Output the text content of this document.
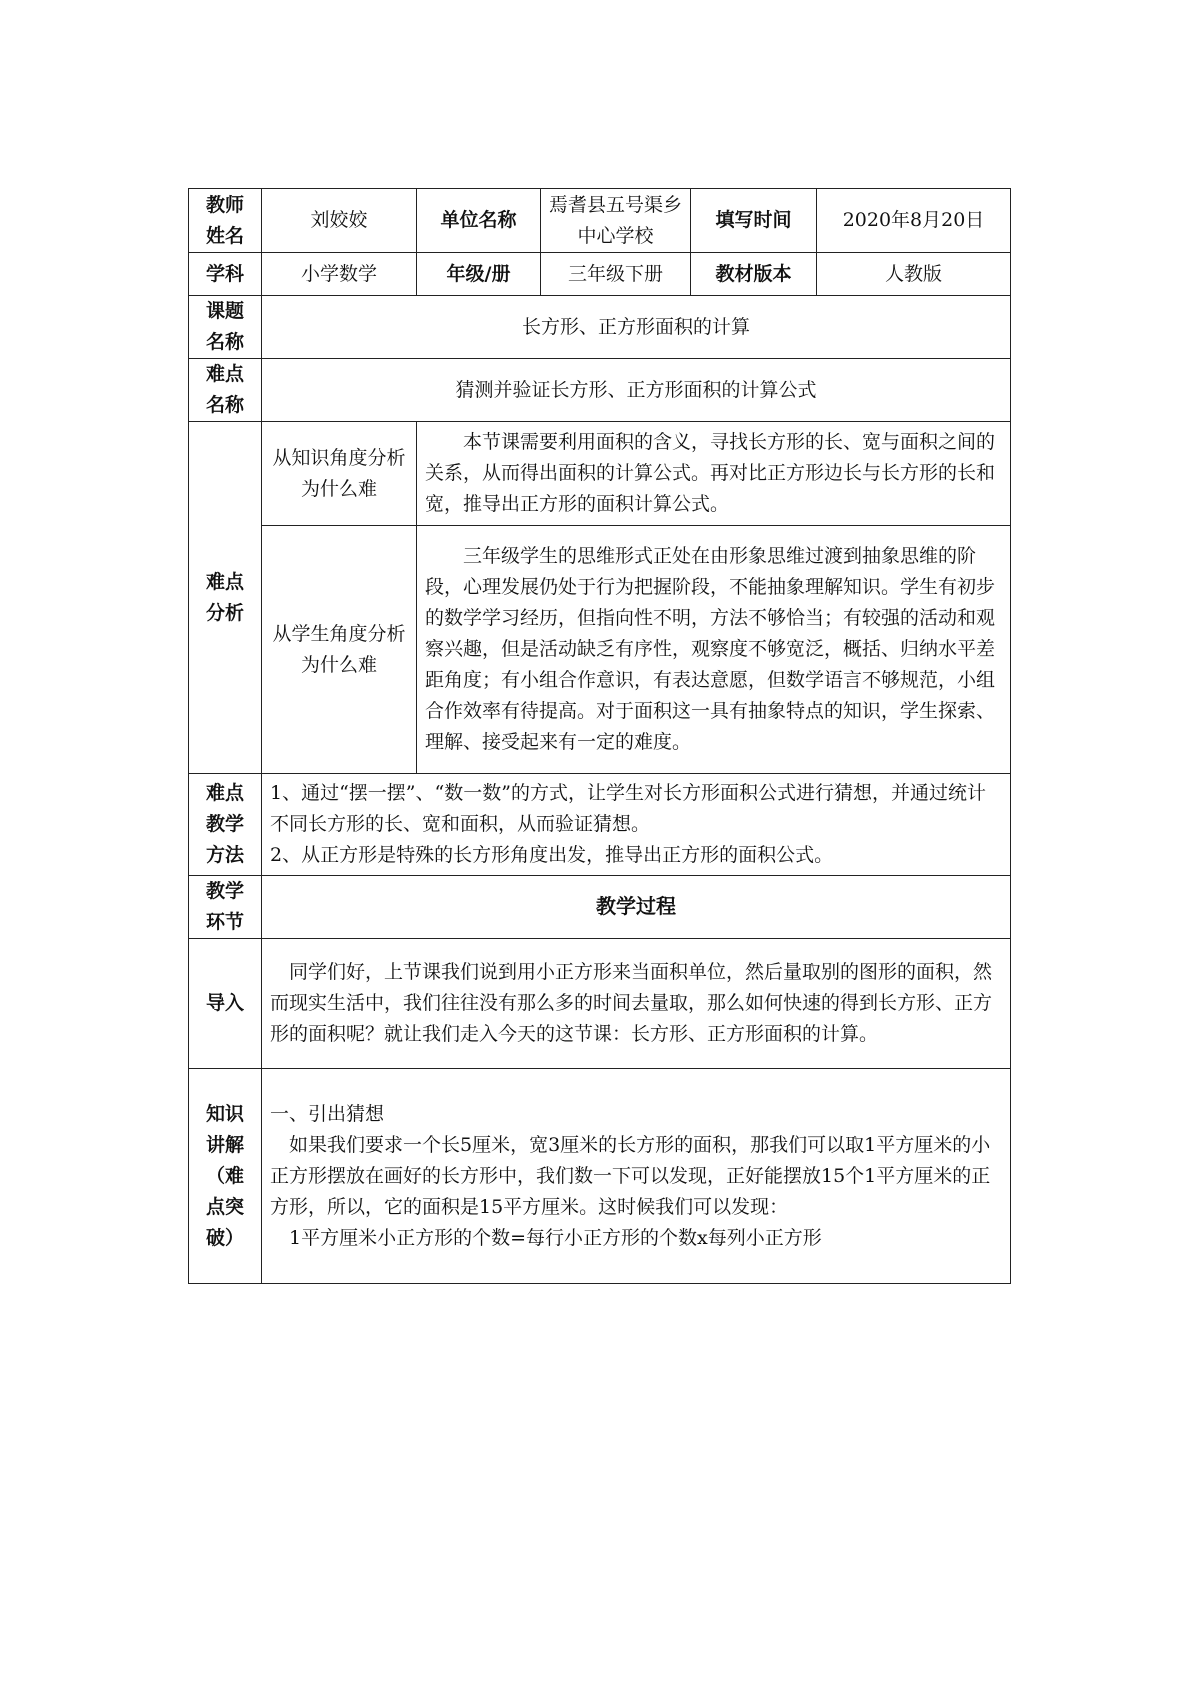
教师姓名	刘姣姣	单位名称	焉耆县五号渠乡中心学校	填写时间	2020年8月20日
学科	小学数学	年级/册	三年级下册	教材版本	人教版
课题名称	长方形、正方形面积的计算				
难点名称	猜测并验证长方形、正方形面积的计算公式				
难点分析	从知识角度分析为什么难	本节课需要利用面积的含义，寻找长方形的长、宽与面积之间的关系，从而得出面积的计算公式。再对比正方形边长与长方形的长和宽，推导出正方形的面积计算公式。			

	从学生角度分析为什么难	三年级学生的思维形式正处在由形象思维过渡到抽象思维的阶段，心理发展仍处于行为把握阶段，不能抽象理解知识。学生有初步的数学学习经历，但指向性不明，方法不够恰当；有较强的活动和观察兴趣，但是活动缺乏有序性，观察度不够宽泛，概括、归纳水平差距角度；有小组合作意识，有表达意愿，但数学语言不够规范，小组合作效率有待提高。对于面积这一具有抽象特点的知识，学生探索、理解、接受起来有一定的难度。			

难点教学方法	1、通过“摆一摆”、“数一数”的方式，让学生对长方形面积公式进行猜想，并通过统计不同长方形的长、宽和面积，从而验证猜想。
2、从正方形是特殊的长方形角度出发，推导出正方形的面积公式。				

教学环节	教学过程				
导入	同学们好，上节课我们说到用小正方形来当面积单位，然后量取别的图形的面积，然而现实生活中，我们往往没有那么多的时间去量取，那么如何快速的得到长方形、正方形的面积呢？就让我们走入今天的这节课：长方形、正方形面积的计算。				

知识讲解（难点突破）	一、引出猜想
如果我们要求一个长5厘米，宽3厘米的长方形的面积，那我们可以取1平方厘米的小正方形摆放在画好的长方形中，我们数一下可以发现，正好能摆放15个1平方厘米的正方形，所以，它的面积是15平方厘米。这时候我们可以发现：
1平方厘米小正方形的个数=每行小正方形的个数x每列小正方形				
